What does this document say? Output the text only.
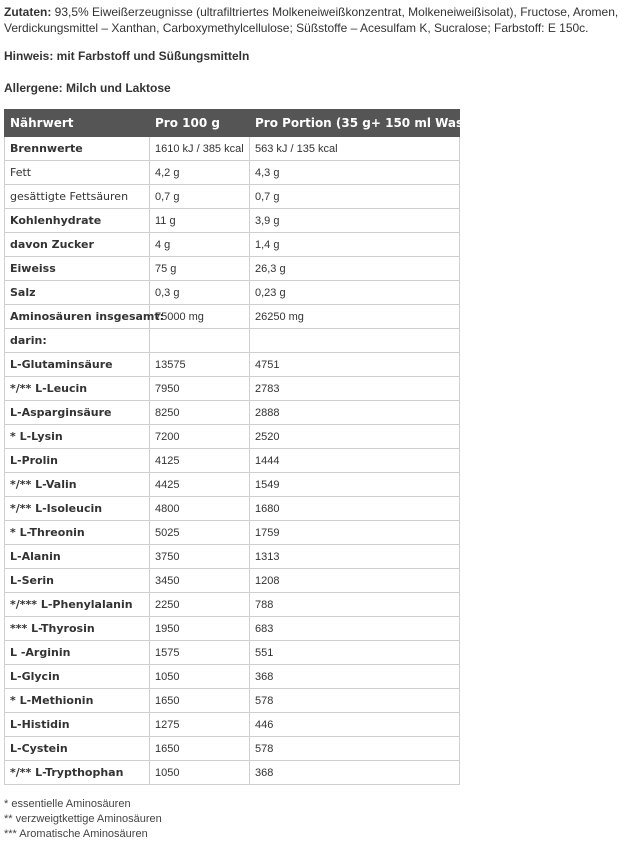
Zutaten: 93,5% Eiweißerzeugnisse (ultrafiltriertes Molkeneiweißkonzentrat, Molkeneiweißisolat), Fructose, Aromen, Verdickungsmittel – Xanthan, Carboxymethylcellulose; Süßstoffe – Acesulfam K, Sucralose; Farbstoff: E 150c.
Hinweis: mit Farbstoff und Süßungsmitteln
Allergene: Milch und Laktose
Nährwert	Pro 100 g	Pro Portion (35 g+ 150 ml Wasser)
Brennwerte	1610 kJ / 385 kcal	563 kJ / 135 kcal
Fett	4,2 g	4,3 g
gesättigte Fettsäuren	0,7 g	0,7 g
Kohlenhydrate	11 g	3,9 g
davon Zucker	4 g	1,4 g
Eiweiss	75 g	26,3 g
Salz	0,3 g	0,23 g
Aminosäuren insgesamt:	75000 mg	26250 mg
darin:		
L-Glutaminsäure	13575	4751
*/** L-Leucin	7950	2783
L-Asparginsäure	8250	2888
* L-Lysin	7200	2520
L-Prolin	4125	1444
*/** L-Valin	4425	1549
*/** L-Isoleucin	4800	1680
* L-Threonin	5025	1759
L-Alanin	3750	1313
L-Serin	3450	1208
*/*** L-Phenylalanin	2250	788
*** L-Thyrosin	1950	683
L -Arginin	1575	551
L-Glycin	1050	368
* L-Methionin	1650	578
L-Histidin	1275	446
L-Cystein	1650	578
*/** L-Trypthophan	1050	368
* essentielle Aminosäuren
** verzweigtkettige Aminosäuren
*** Aromatische Aminosäuren
